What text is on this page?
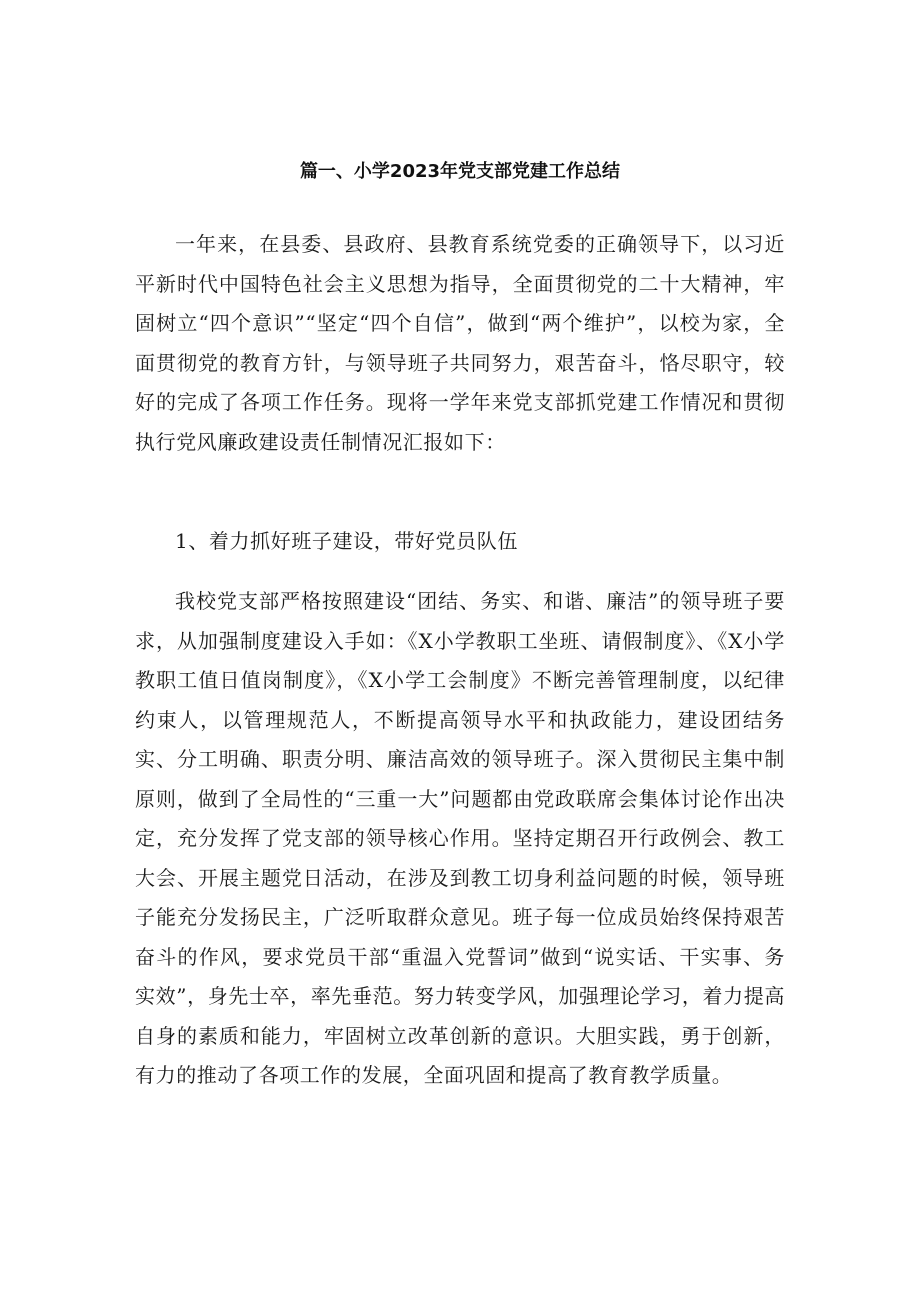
篇一、小学2023年党支部党建工作总结

一年来，在县委、县政府、县教育系统党委的正确领导下，以习近平新时代中国特色社会主义思想为指导，全面贯彻党的二十大精神，牢固树立“四个意识”“坚定“四个自信”，做到“两个维护”，以校为家，全面贯彻党的教育方针，与领导班子共同努力，艰苦奋斗，恪尽职守，较好的完成了各项工作任务。现将一学年来党支部抓党建工作情况和贯彻执行党风廉政建设责任制情况汇报如下：

1、着力抓好班子建设，带好党员队伍

我校党支部严格按照建设“团结、务实、和谐、廉洁”的领导班子要求，从加强制度建设入手如：《X小学教职工坐班、请假制度》、《X小学教职工值日值岗制度》，《X小学工会制度》不断完善管理制度，以纪律约束人，以管理规范人，不断提高领导水平和执政能力，建设团结务实、分工明确、职责分明、廉洁高效的领导班子。深入贯彻民主集中制原则，做到了全局性的“三重一大”问题都由党政联席会集体讨论作出决定，充分发挥了党支部的领导核心作用。坚持定期召开行政例会、教工大会、开展主题党日活动，在涉及到教工切身利益问题的时候，领导班子能充分发扬民主，广泛听取群众意见。班子每一位成员始终保持艰苦奋斗的作风，要求党员干部“重温入党誓词”做到“说实话、干实事、务实效”，身先士卒，率先垂范。努力转变学风，加强理论学习，着力提高自身的素质和能力，牢固树立改革创新的意识。大胆实践，勇于创新，有力的推动了各项工作的发展，全面巩固和提高了教育教学质量。
